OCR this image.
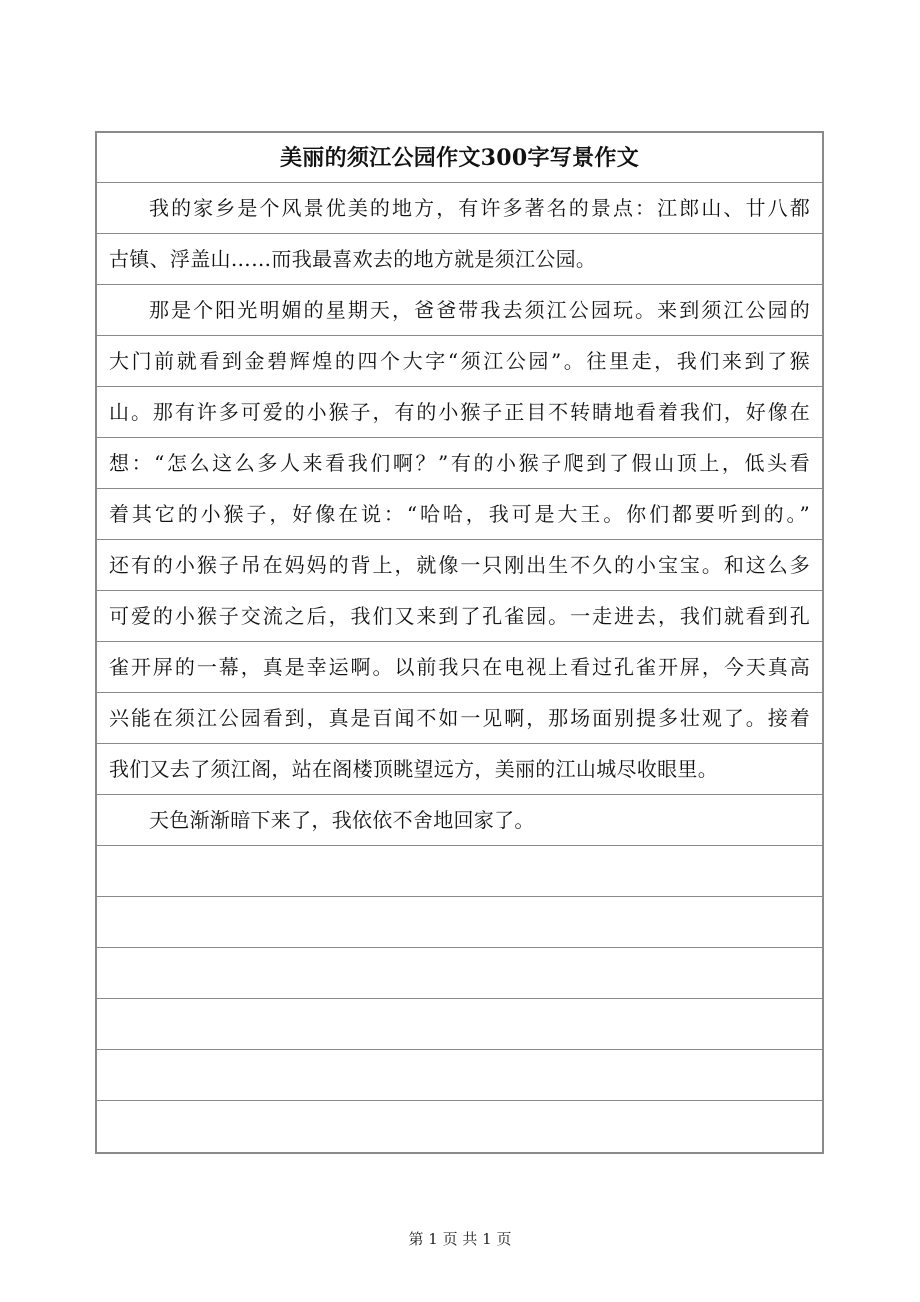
美丽的须江公园作文300字写景作文
我的家乡是个风景优美的地方，有许多著名的景点：江郎山、廿八都
古镇、浮盖山……而我最喜欢去的地方就是须江公园。
那是个阳光明媚的星期天，爸爸带我去须江公园玩。来到须江公园的
大门前就看到金碧辉煌的四个大字“须江公园”。往里走，我们来到了猴
山。那有许多可爱的小猴子，有的小猴子正目不转睛地看着我们，好像在
想：“怎么这么多人来看我们啊？”有的小猴子爬到了假山顶上，低头看
着其它的小猴子，好像在说：“哈哈，我可是大王。你们都要听到的。”
还有的小猴子吊在妈妈的背上，就像一只刚出生不久的小宝宝。和这么多
可爱的小猴子交流之后，我们又来到了孔雀园。一走进去，我们就看到孔
雀开屏的一幕，真是幸运啊。以前我只在电视上看过孔雀开屏，今天真高
兴能在须江公园看到，真是百闻不如一见啊，那场面别提多壮观了。接着
我们又去了须江阁，站在阁楼顶眺望远方，美丽的江山城尽收眼里。
天色渐渐暗下来了，我依依不舍地回家了。
第 1 页 共 1 页
